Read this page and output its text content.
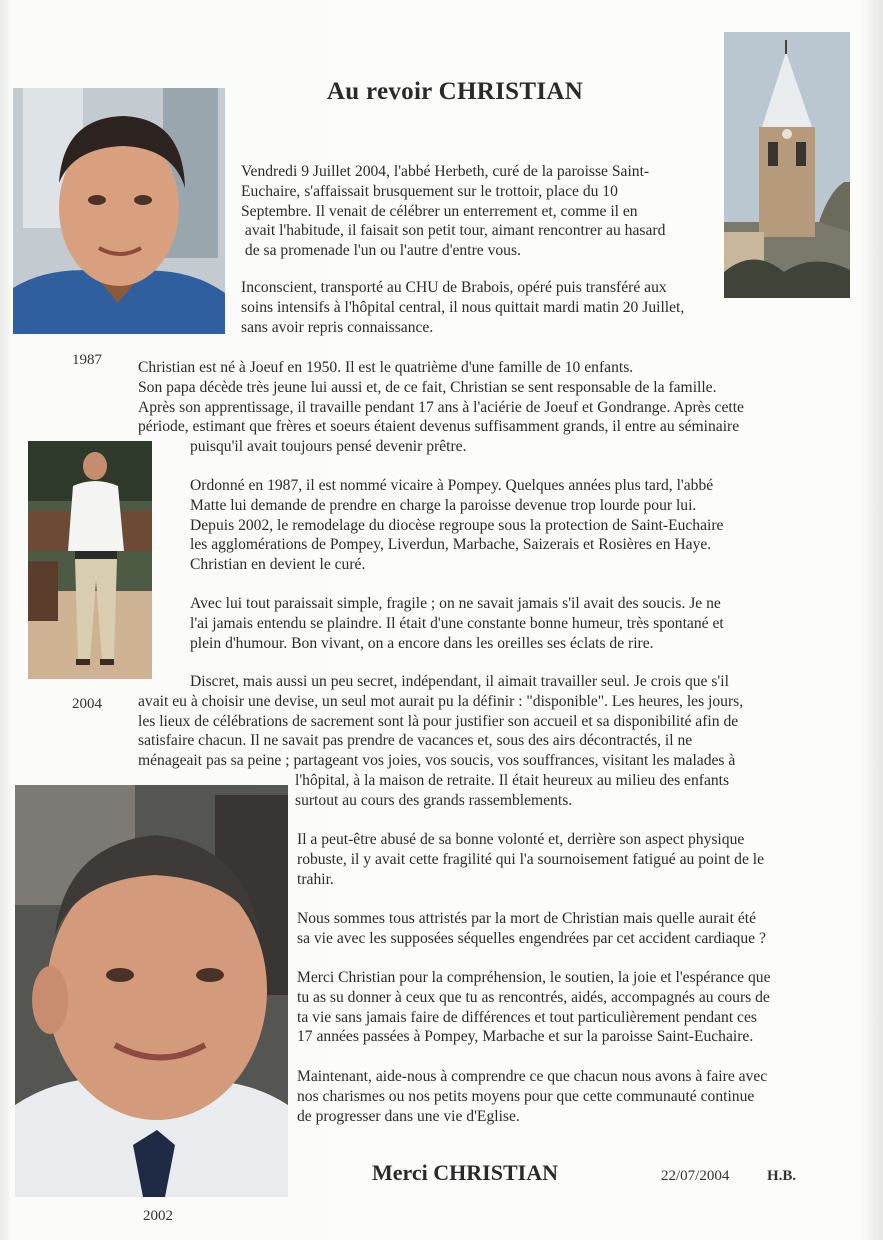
Au revoir CHRISTIAN

Vendredi 9 Juillet 2004, l'abbé Herbeth, curé de la paroisse Saint-
Euchaire, s'affaissait brusquement sur le trottoir, place du 10
Septembre. Il venait de célébrer un enterrement et, comme il en
avait l'habitude, il faisait son petit tour, aimant rencontrer au hasard
de sa promenade l'un ou l'autre d'entre vous.

Inconscient, transporté au CHU de Brabois, opéré puis transféré aux
soins intensifs à l'hôpital central, il nous quittait mardi matin 20 Juillet,
sans avoir repris connaissance.

1987 Christian est né à Joeuf en 1950. Il est le quatrième d'une famille de 10 enfants.
Son papa décède très jeune lui aussi et, de ce fait, Christian se sent responsable de la famille.
Après son apprentissage, il travaille pendant 17 ans à l'aciérie de Joeuf et Gondrange. Après cette
période, estimant que frères et soeurs étaient devenus suffisamment grands, il entre au séminaire

puisqu'il avait toujours pensé devenir prêtre.

Ordonné en 1987, il est nommé vicaire à Pompey. Quelques années plus tard, l'abbé
Matte lui demande de prendre en charge la paroisse devenue trop lourde pour lui.
Depuis 2002, le remodelage du diocèse regroupe sous la protection de Saint-Euchaire
les agglomérations de Pompey, Liverdun, Marbache, Saizerais et Rosières en Haye.
Christian en devient le curé.

Avec lui tout paraissait simple, fragile ; on ne savait jamais s'il avait des soucis. Je ne
l'ai jamais entendu se plaindre. Il était d'une constante bonne humeur, très spontané et
plein d'humour. Bon vivant, on a encore dans les oreilles ses éclats de rire.

2004

Discret, mais aussi un peu secret, indépendant, il aimait travailler seul. Je crois que s'il
avait eu à choisir une devise, un seul mot aurait pu la définir : "disponible". Les heures, les jours,
les lieux de célébrations de sacrement sont là pour justifier son accueil et sa disponibilité afin de
satisfaire chacun. Il ne savait pas prendre de vacances et, sous des airs décontractés, il ne
ménageait pas sa peine ; partageant vos joies, vos soucis, vos souffrances, visitant les malades à

l'hôpital, à la maison de retraite. Il était heureux au milieu des enfants
surtout au cours des grands rassemblements.

Il a peut-être abusé de sa bonne volonté et, derrière son aspect physique
robuste, il y avait cette fragilité qui l'a sournoisement fatigué au point de le
trahir.

Nous sommes tous attristés par la mort de Christian mais quelle aurait été
sa vie avec les supposées séquelles engendrées par cet accident cardiaque ?

Merci Christian pour la compréhension, le soutien, la joie et l'espérance que
tu as su donner à ceux que tu as rencontrés, aidés, accompagnés au cours de
ta vie sans jamais faire de différences et tout particulièrement pendant ces
17 années passées à Pompey, Marbache et sur la paroisse Saint-Euchaire.

Maintenant, aide-nous à comprendre ce que chacun nous avons à faire avec
nos charismes ou nos petits moyens pour que cette communauté continue
de progresser dans une vie d'Eglise.

Merci CHRISTIAN	22/07/2004	H.B.
2002
